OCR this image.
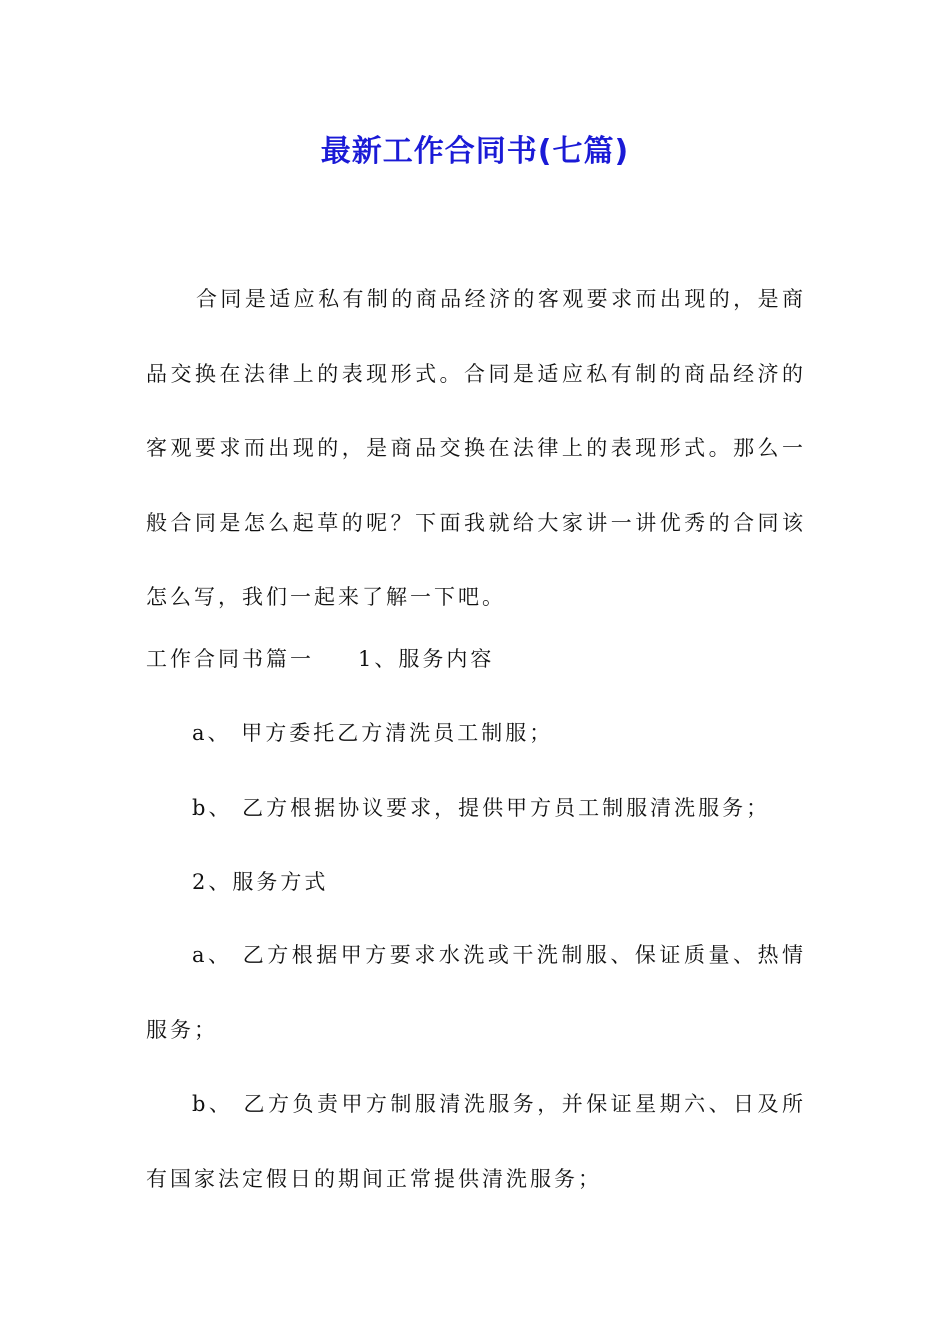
最新工作合同书(七篇)
合同是适应私有制的商品经济的客观要求而出现的，是商品交换在法律上的表现形式。合同是适应私有制的商品经济的客观要求而出现的，是商品交换在法律上的表现形式。那么一般合同是怎么起草的呢？下面我就给大家讲一讲优秀的合同该怎么写，我们一起来了解一下吧。
工作合同书篇一 1、服务内容
a、 甲方委托乙方清洗员工制服；
b、 乙方根据协议要求，提供甲方员工制服清洗服务；
2、服务方式
a、 乙方根据甲方要求水洗或干洗制服、保证质量、热情服务；
b、 乙方负责甲方制服清洗服务，并保证星期六、日及所有国家法定假日的期间正常提供清洗服务；
